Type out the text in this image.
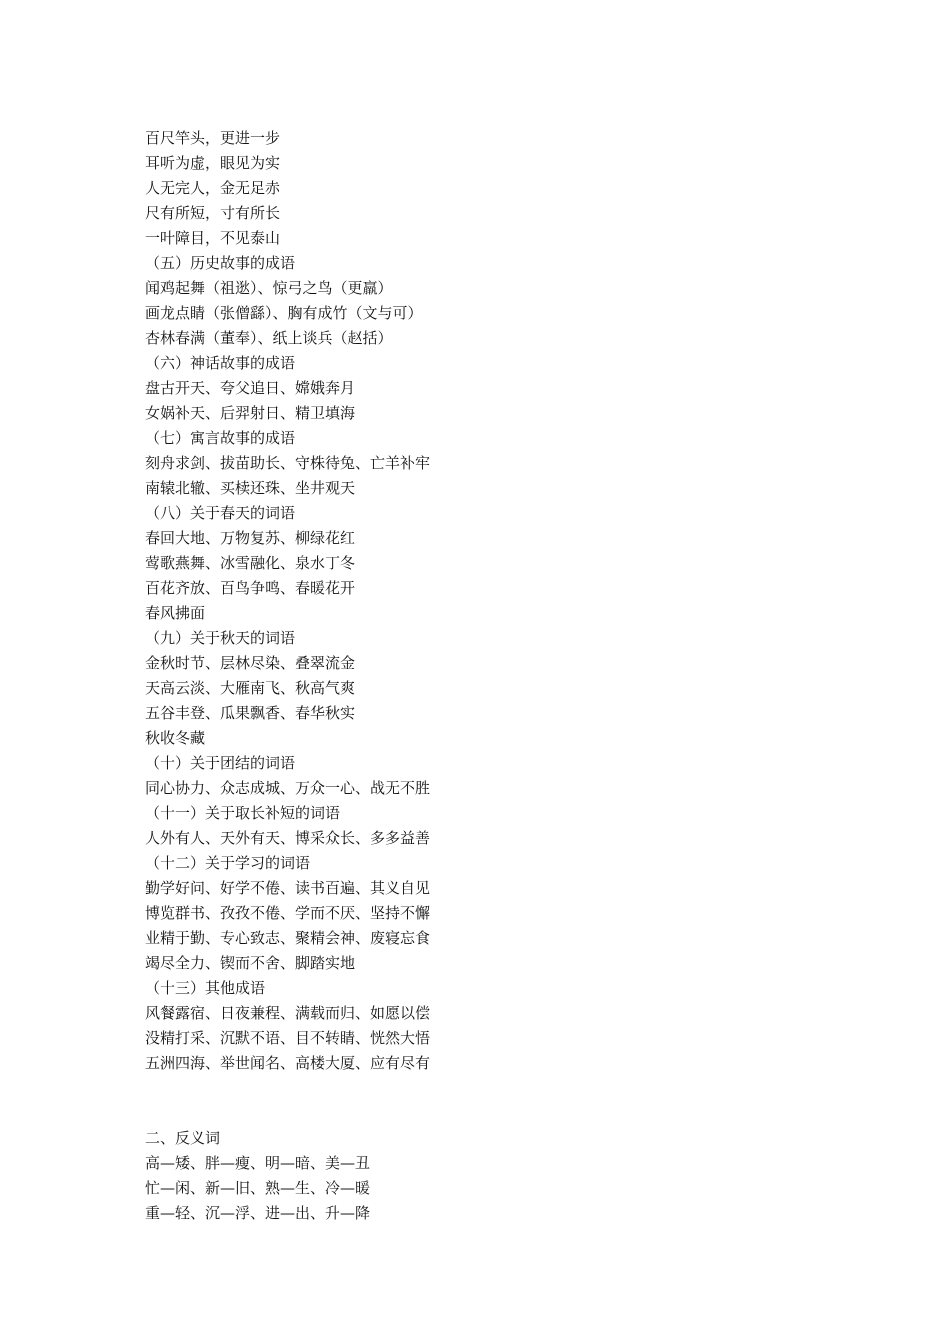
百尺竿头，更进一步
耳听为虚，眼见为实
人无完人，金无足赤
尺有所短，寸有所长
一叶障目，不见泰山
（五）历史故事的成语
闻鸡起舞（祖逖）、惊弓之鸟（更羸）
画龙点睛（张僧繇）、胸有成竹（文与可）
杏林春满（董奉）、纸上谈兵（赵括）
（六）神话故事的成语
盘古开天、夸父追日、嫦娥奔月
女娲补天、后羿射日、精卫填海
（七）寓言故事的成语
刻舟求剑、拔苗助长、守株待兔、亡羊补牢
南辕北辙、买椟还珠、坐井观天
（八）关于春天的词语
春回大地、万物复苏、柳绿花红
莺歌燕舞、冰雪融化、泉水丁冬
百花齐放、百鸟争鸣、春暖花开
春风拂面
（九）关于秋天的词语
金秋时节、层林尽染、叠翠流金
天高云淡、大雁南飞、秋高气爽
五谷丰登、瓜果飘香、春华秋实
秋收冬藏
（十）关于团结的词语
同心协力、众志成城、万众一心、战无不胜
（十一）关于取长补短的词语
人外有人、天外有天、博采众长、多多益善
（十二）关于学习的词语
勤学好问、好学不倦、读书百遍、其义自见
博览群书、孜孜不倦、学而不厌、坚持不懈
业精于勤、专心致志、聚精会神、废寝忘食
竭尽全力、锲而不舍、脚踏实地
（十三）其他成语
风餐露宿、日夜兼程、满载而归、如愿以偿
没精打采、沉默不语、目不转睛、恍然大悟
五洲四海、举世闻名、高楼大厦、应有尽有
二、反义词
高—矮、胖—瘦、明—暗、美—丑
忙—闲、新—旧、熟—生、冷—暖
重—轻、沉—浮、进—出、升—降
